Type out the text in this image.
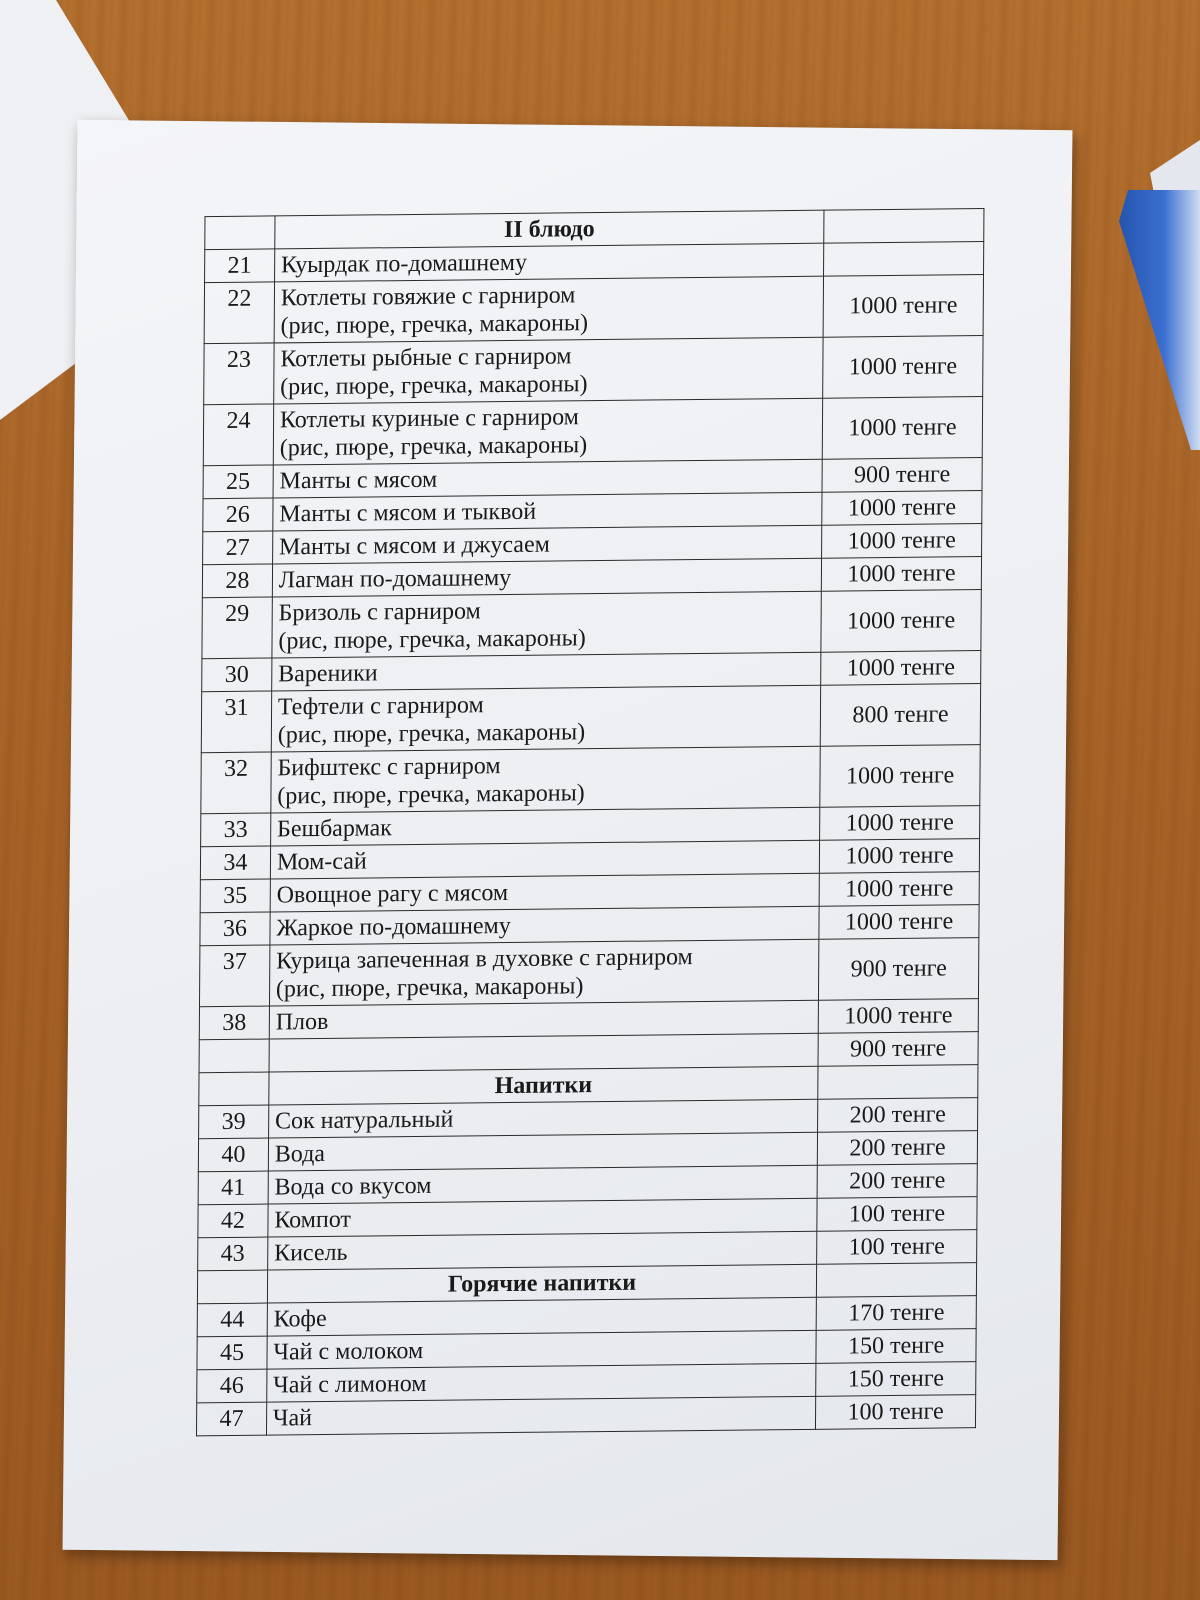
	II блюдо	
21	Куырдак по-домашнему	

22	Котлеты говяжие с гарниром
(рис, пюре, гречка, макароны)	1000 тенге
23	Котлеты рыбные с гарниром
(рис, пюре, гречка, макароны)	1000 тенге
24	Котлеты куриные с гарниром
(рис, пюре, гречка, макароны)	1000 тенге
25	Манты с мясом	900 тенге
26	Манты с мясом и тыквой	1000 тенге
27	Манты с мясом и джусаем	1000 тенге
28	Лагман по-домашнему	1000 тенге
29	Бризоль с гарниром
(рис, пюре, гречка, макароны)	1000 тенге
30	Вареники	1000 тенге
31	Тефтели с гарниром
(рис, пюре, гречка, макароны)	800 тенге
32	Бифштекс с гарниром
(рис, пюре, гречка, макароны)	1000 тенге
33	Бешбармак	1000 тенге
34	Мом-сай	1000 тенге
35	Овощное рагу с мясом	1000 тенге
36	Жаркое по-домашнему	1000 тенге
37	Курица запеченная в духовке с гарниром
(рис, пюре, гречка, макароны)	900 тенге
38	Плов	1000 тенге
		900 тенге
	Напитки	
39	Сок натуральный	200 тенге
40	Вода	200 тенге
41	Вода со вкусом	200 тенге
42	Компот	100 тенге
43	Кисель	100 тенге
	Горячие напитки	
44	Кофе	170 тенге
45	Чай с молоком	150 тенге
46	Чай с лимоном	150 тенге
47	Чай	100 тенге
